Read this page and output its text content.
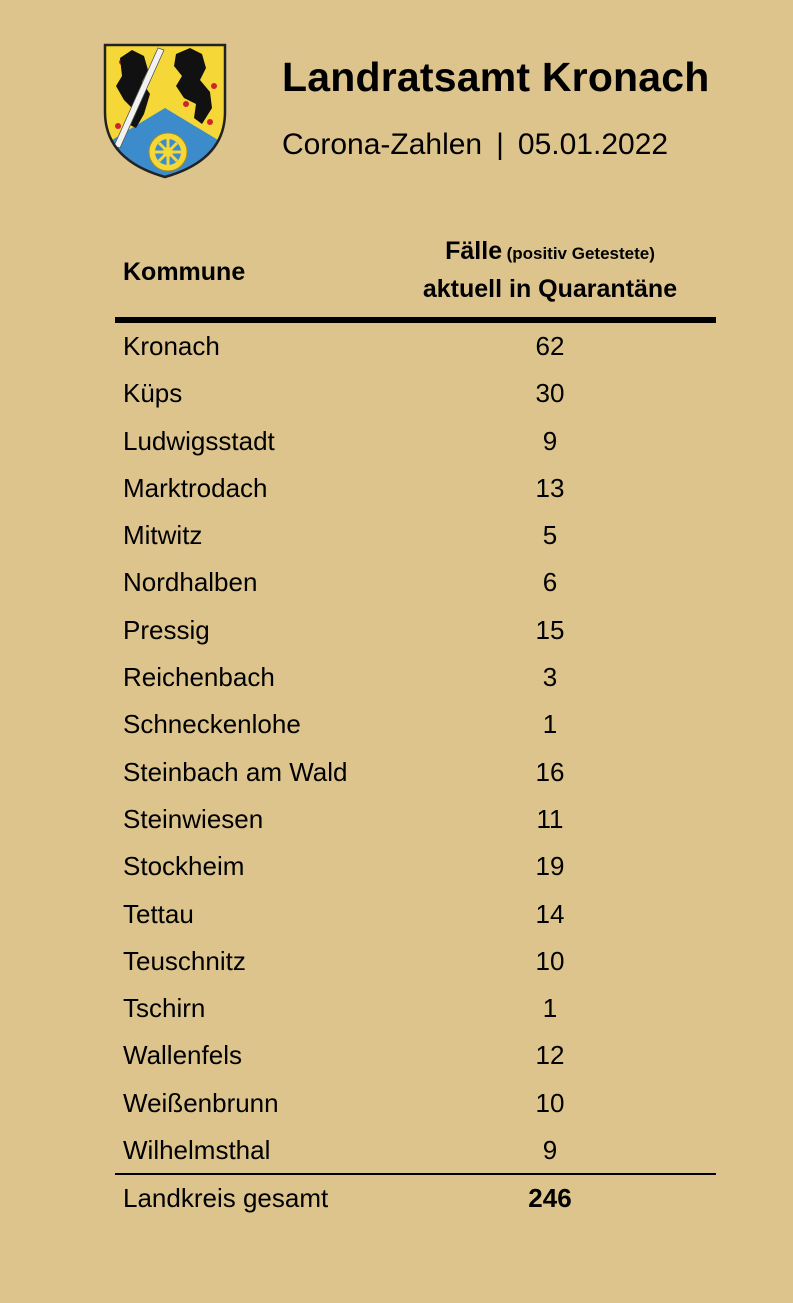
Landratsamt Kronach
Corona-Zahlen | 05.01.2022
Kommune
Fälle (positiv Getestete)
aktuell in Quarantäne
Kronach	62
Küps	30
Ludwigsstadt	9
Marktrodach	13
Mitwitz	5
Nordhalben	6
Pressig	15
Reichenbach	3
Schneckenlohe	1
Steinbach am Wald	16
Steinwiesen	11
Stockheim	19
Tettau	14
Teuschnitz	10
Tschirn	1
Wallenfels	12
Weißenbrunn	10
Wilhelmsthal	9
Landkreis gesamt	246
